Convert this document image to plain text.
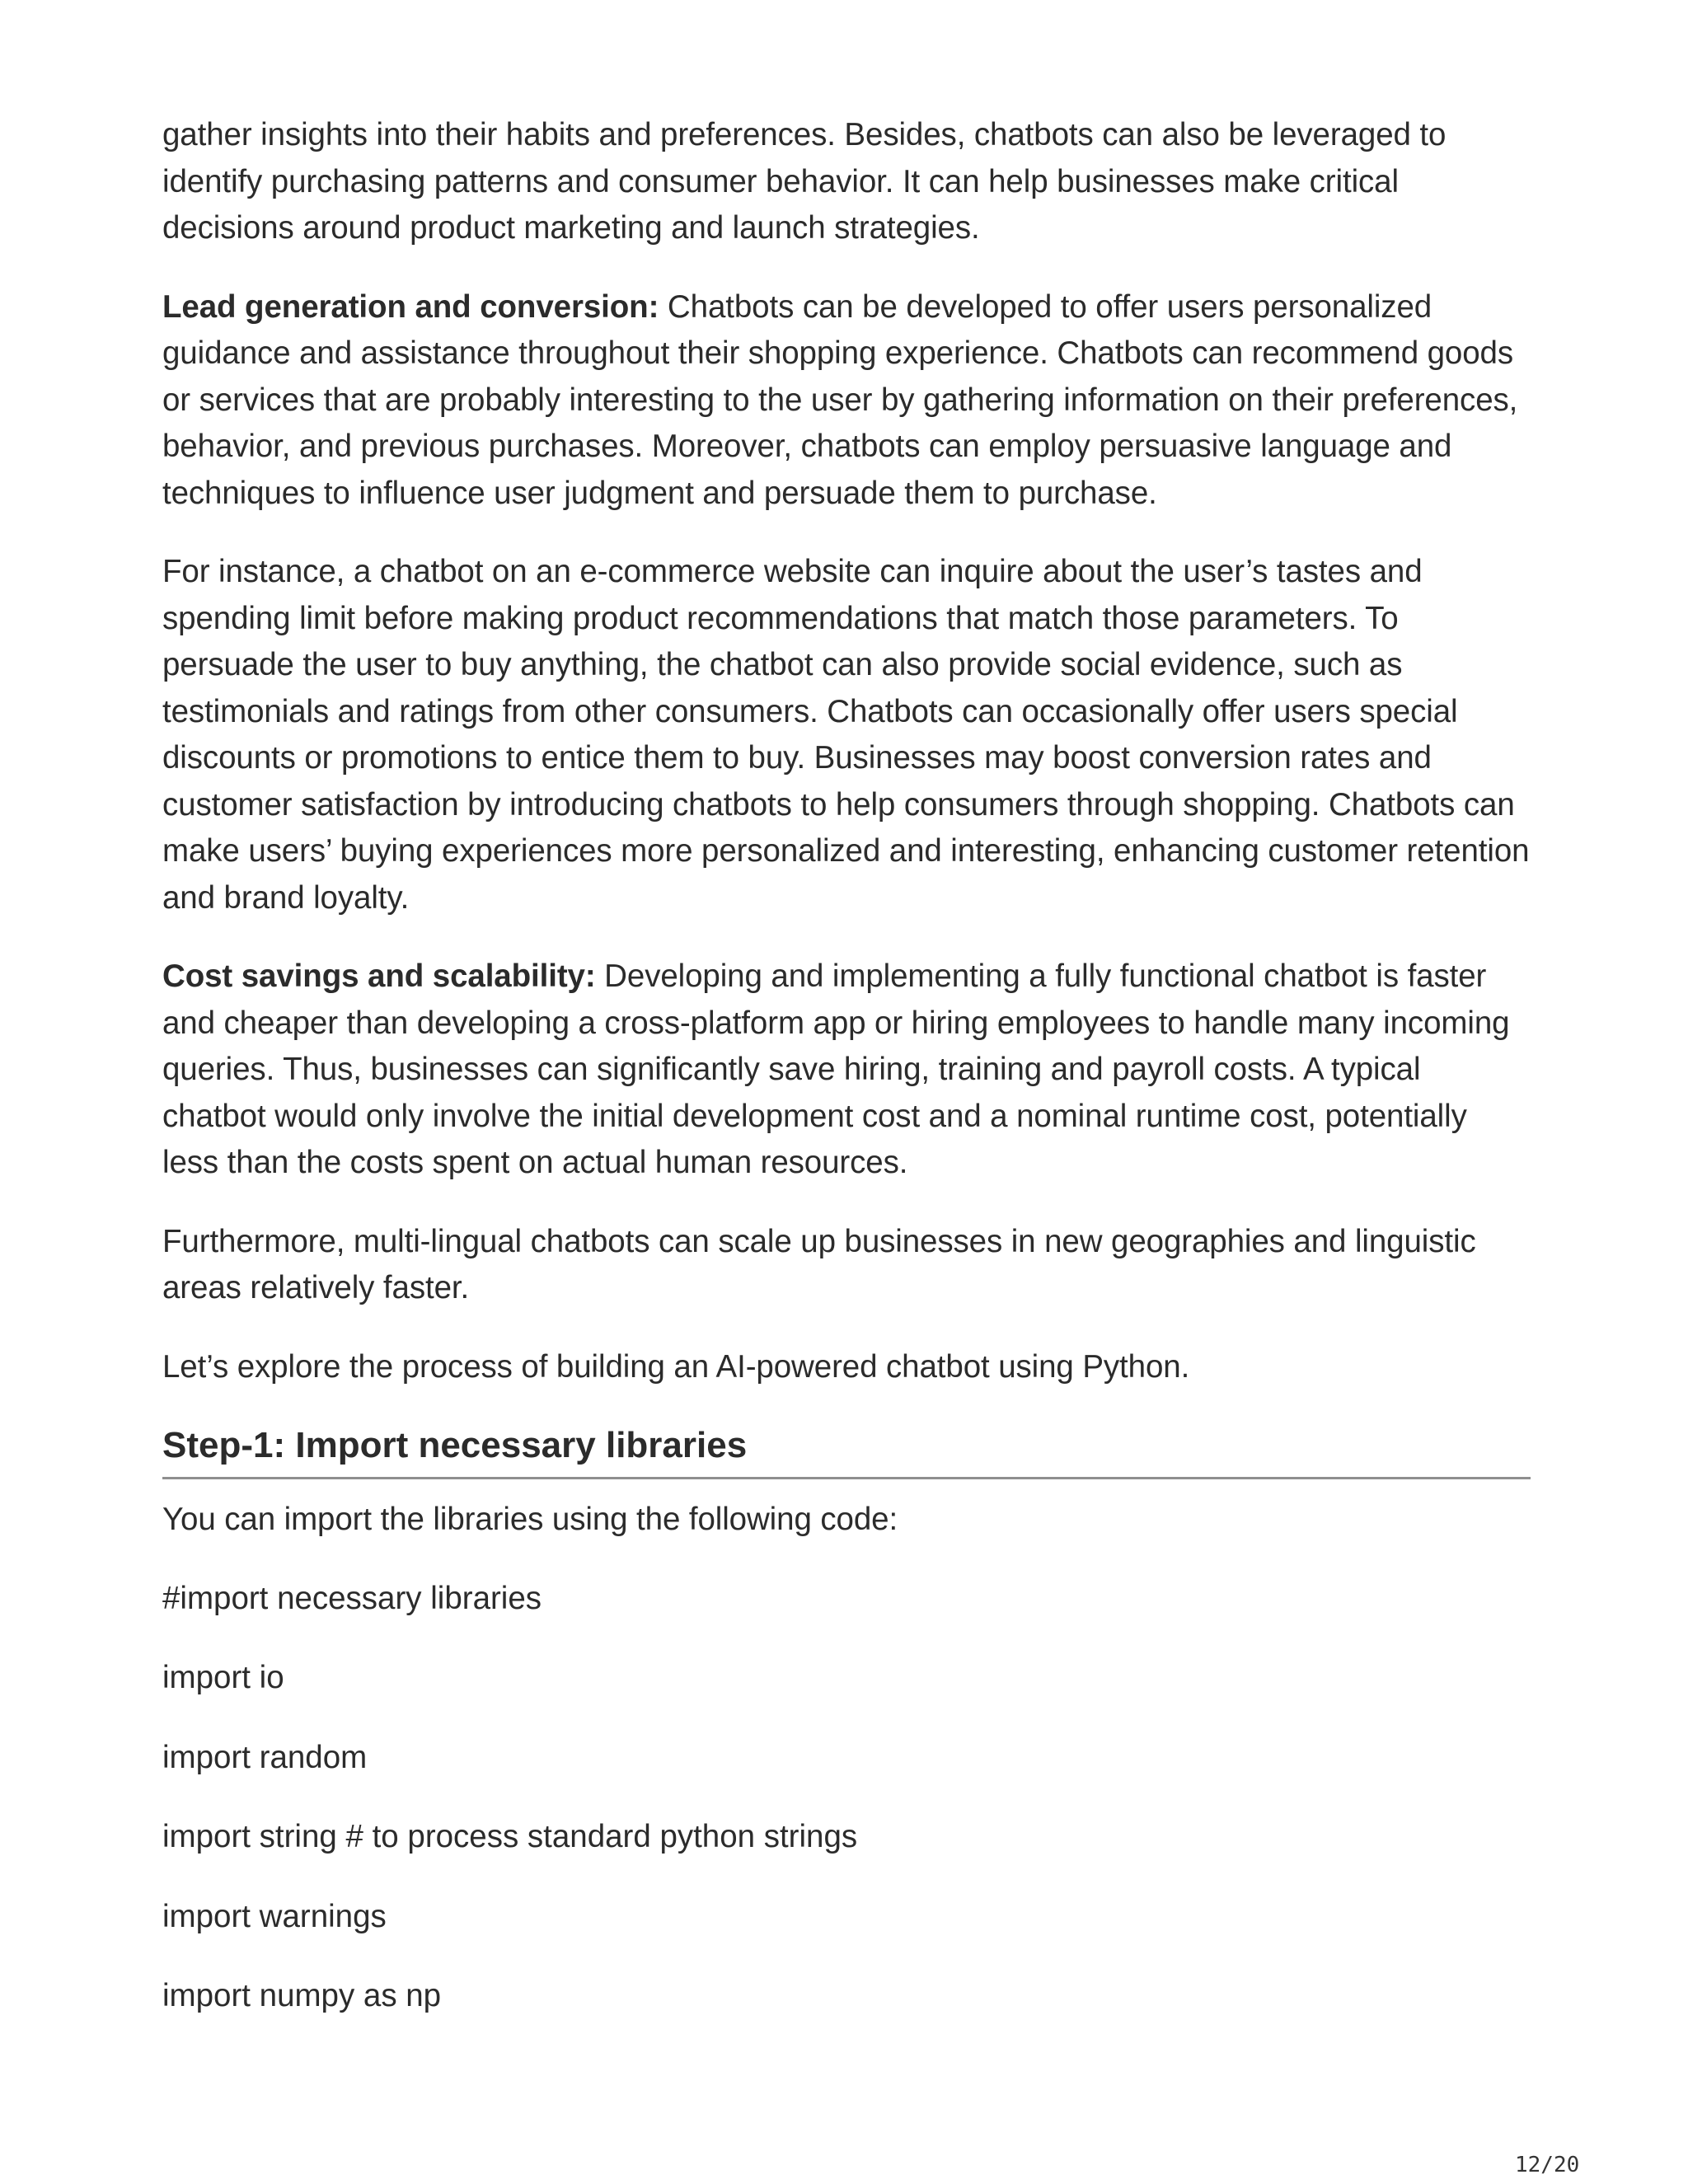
gather insights into their habits and preferences. Besides, chatbots can also be leveraged to identify purchasing patterns and consumer behavior. It can help businesses make critical decisions around product marketing and launch strategies.

Lead generation and conversion: Chatbots can be developed to offer users personalized guidance and assistance throughout their shopping experience. Chatbots can recommend goods or services that are probably interesting to the user by gathering information on their preferences, behavior, and previous purchases. Moreover, chatbots can employ persuasive language and techniques to influence user judgment and persuade them to purchase.

For instance, a chatbot on an e-commerce website can inquire about the user’s tastes and spending limit before making product recommendations that match those parameters. To persuade the user to buy anything, the chatbot can also provide social evidence, such as testimonials and ratings from other consumers. Chatbots can occasionally offer users special discounts or promotions to entice them to buy. Businesses may boost conversion rates and customer satisfaction by introducing chatbots to help consumers through shopping. Chatbots can make users’ buying experiences more personalized and interesting, enhancing customer retention and brand loyalty.

Cost savings and scalability: Developing and implementing a fully functional chatbot is faster and cheaper than developing a cross-platform app or hiring employees to handle many incoming queries. Thus, businesses can significantly save hiring, training and payroll costs. A typical chatbot would only involve the initial development cost and a nominal runtime cost, potentially less than the costs spent on actual human resources.

Furthermore, multi-lingual chatbots can scale up businesses in new geographies and linguistic areas relatively faster.

Let’s explore the process of building an AI-powered chatbot using Python.

Step-1: Import necessary libraries

You can import the libraries using the following code:

#import necessary libraries

import io

import random

import string # to process standard python strings

import warnings

import numpy as np

12/20
